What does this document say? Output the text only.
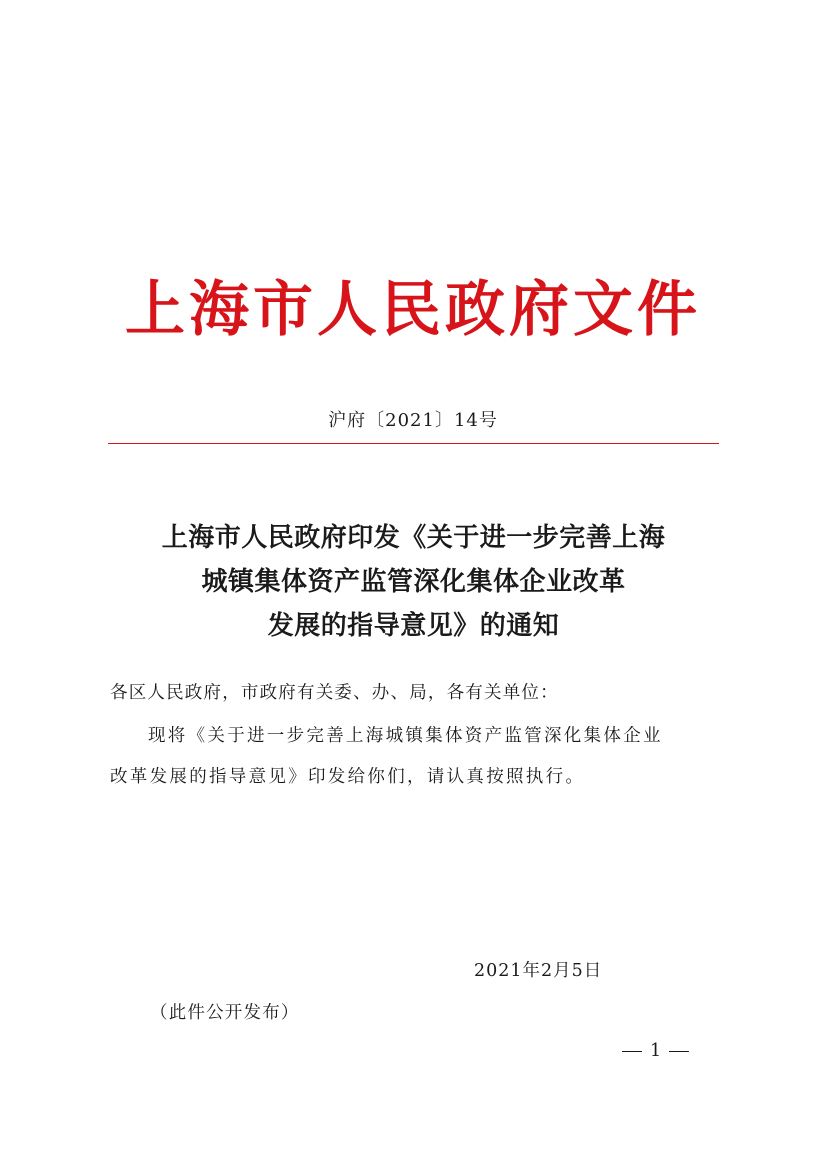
上海市人民政府文件
沪府〔2021〕14号
上海市人民政府印发《关于进一步完善上海
城镇集体资产监管深化集体企业改革
发展的指导意见》的通知
各区人民政府，市政府有关委、办、局，各有关单位：
现将《关于进一步完善上海城镇集体资产监管深化集体企业
改革发展的指导意见》印发给你们，请认真按照执行。
2021年2月5日
（此件公开发布）
1
